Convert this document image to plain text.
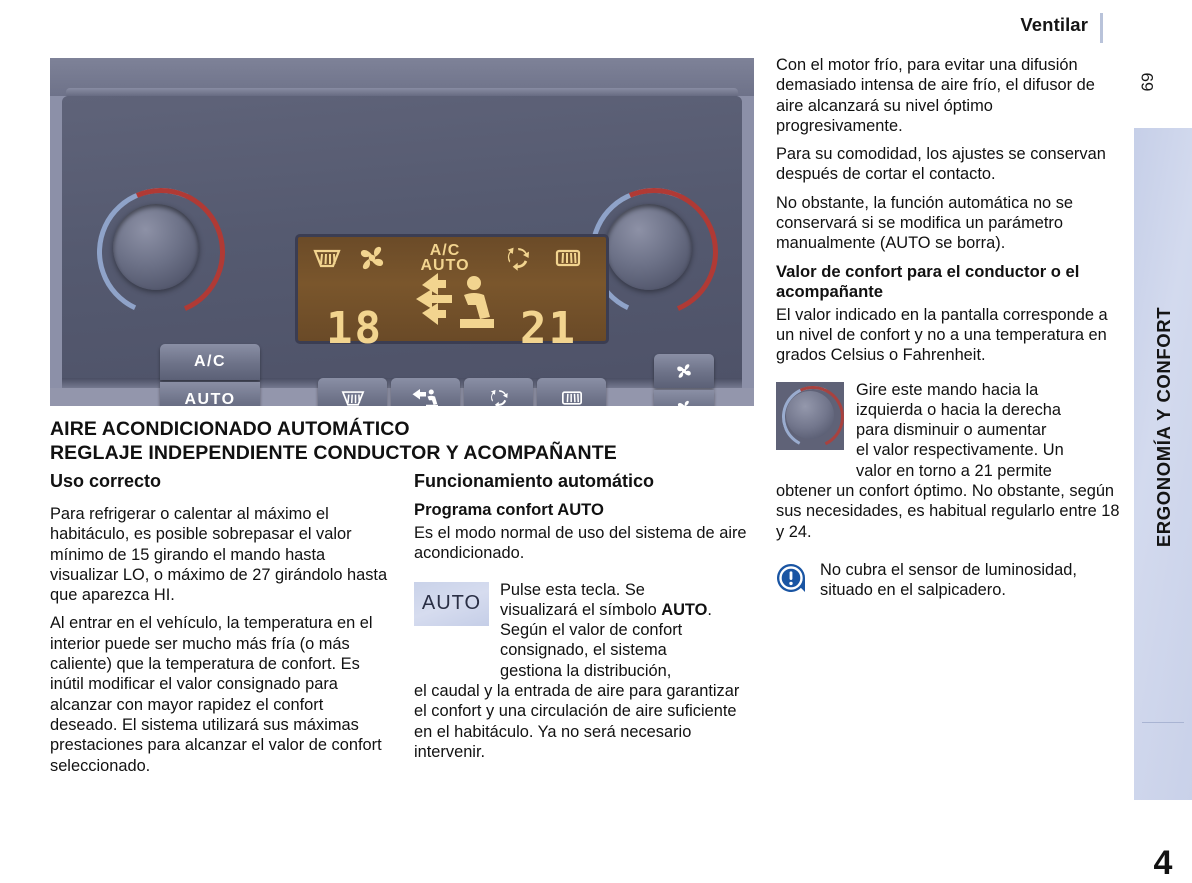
Ventilar
69
ERGONOMÍA Y CONFORT
4
A/C
AUTO
18	21
A/C
AUTO
AIRE ACONDICIONADO AUTOMÁTICO
REGLAJE INDEPENDIENTE CONDUCTOR Y ACOMPAÑANTE
Uso correcto	Funcionamiento automático

Para refrigerar o calentar al máximo el habitáculo, es posible sobrepasar el valor mínimo de 15 girando el mando hasta visualizar LO, o máximo de 27 girándolo hasta que aparezca HI.

Al entrar en el vehículo, la temperatura en el interior puede ser mucho más fría (o más caliente) que la temperatura de confort. Es inútil modificar el valor consignado para alcanzar con mayor rapidez el confort deseado. El sistema utilizará sus máximas prestaciones para alcanzar el valor de confort seleccionado.

Programa confort AUTO

Es el modo normal de uso del sistema de aire acondicionado.

AUTO
Pulse esta tecla. Se
visualizará el símbolo AUTO.
Según el valor de confort
consignado, el sistema
gestiona la distribución,
el caudal y la entrada de aire para garantizar el confort y una circulación de aire suficiente en el habitáculo. Ya no será necesario intervenir.

Con el motor frío, para evitar una difusión demasiado intensa de aire frío, el difusor de aire alcanzará su nivel óptimo progresivamente.

Para su comodidad, los ajustes se conservan después de cortar el contacto.

No obstante, la función automática no se conservará si se modifica un parámetro manualmente (AUTO se borra).

Valor de confort para el conductor o el acompañante

El valor indicado en la pantalla corresponde a un nivel de confort y no a una temperatura en grados Celsius o Fahrenheit.

Gire este mando hacia la
izquierda o hacia la derecha
para disminuir o aumentar
el valor respectivamente. Un
valor en torno a 21 permite
obtener un confort óptimo. No obstante, según sus necesidades, es habitual regularlo entre 18 y 24.
No cubra el sensor de luminosidad, situado en el salpicadero.
